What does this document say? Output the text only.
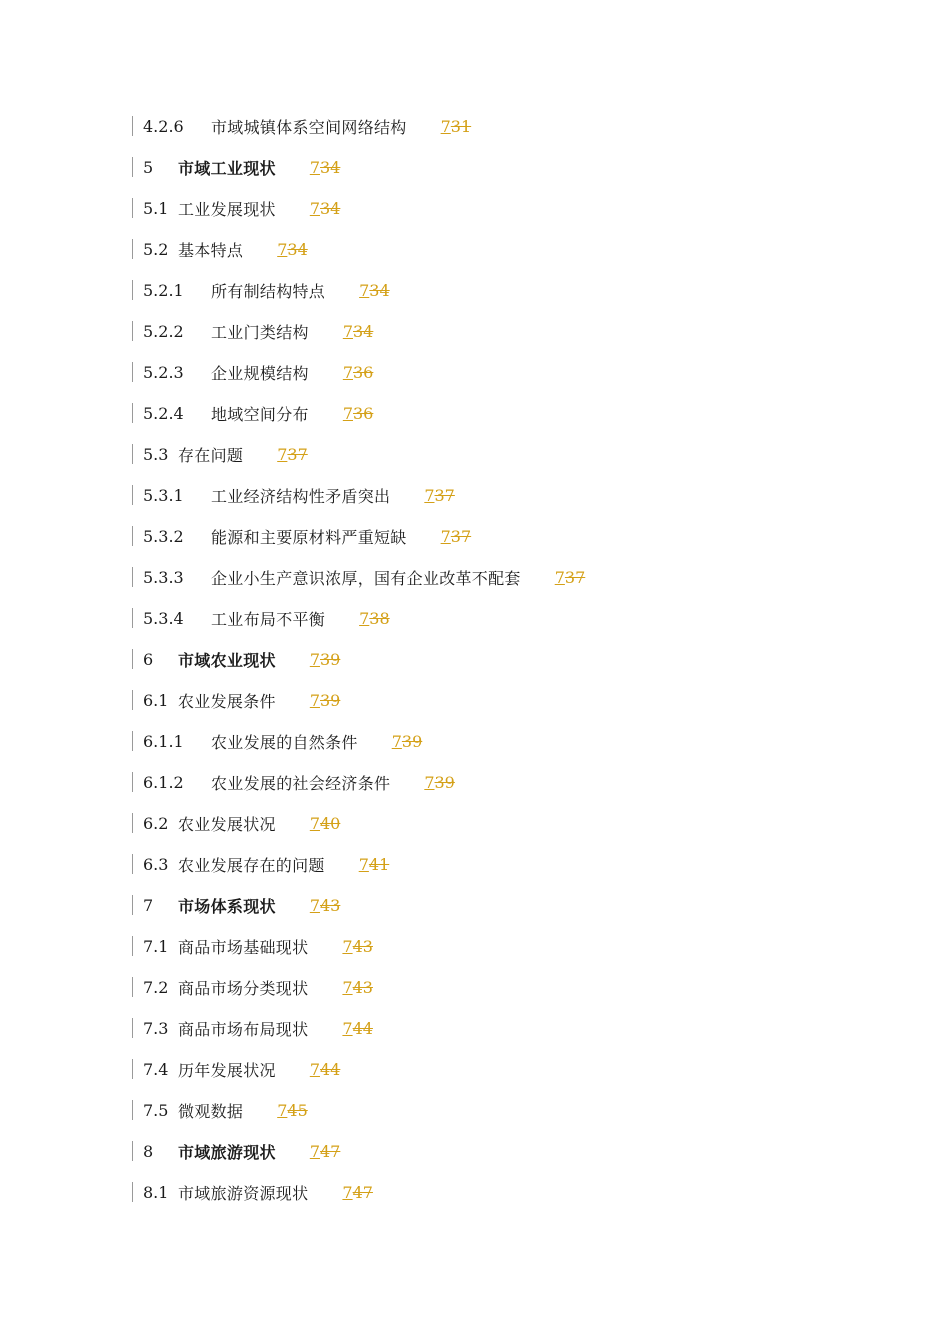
4.2.6 市域城镇体系空间网络结构 731
5 市域工业现状 734
5.1 工业发展现状 734
5.2 基本特点 734
5.2.1 所有制结构特点 734
5.2.2 工业门类结构 734
5.2.3 企业规模结构 736
5.2.4 地域空间分布 736
5.3 存在问题 737
5.3.1 工业经济结构性矛盾突出 737
5.3.2 能源和主要原材料严重短缺 737
5.3.3 企业小生产意识浓厚，国有企业改革不配套 737
5.3.4 工业布局不平衡 738
6 市域农业现状 739
6.1 农业发展条件 739
6.1.1 农业发展的自然条件 739
6.1.2 农业发展的社会经济条件 739
6.2 农业发展状况 740
6.3 农业发展存在的问题 741
7 市场体系现状 743
7.1 商品市场基础现状 743
7.2 商品市场分类现状 743
7.3 商品市场布局现状 744
7.4 历年发展状况 744
7.5 微观数据 745
8 市域旅游现状 747
8.1 市域旅游资源现状 747
